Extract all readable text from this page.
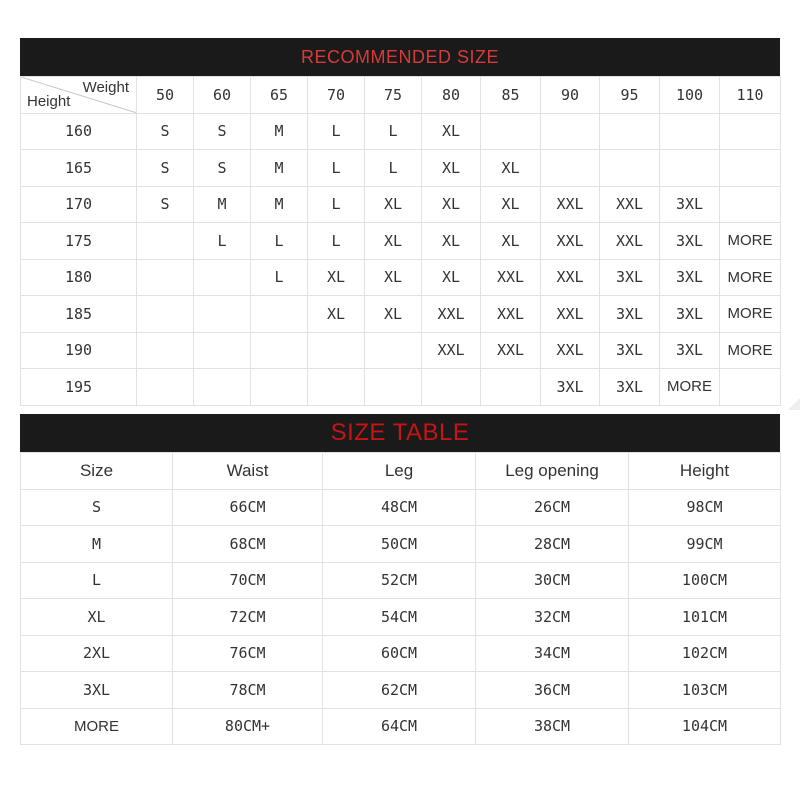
RECOMMENDED SIZE
Weight
Height	50	60	65	70	75	80	85	90	95	100	110
160	S	S	M	L	L	XL					
165	S	S	M	L	L	XL	XL				
170	S	M	M	L	XL	XL	XL	XXL	XXL	3XL	
175		L	L	L	XL	XL	XL	XXL	XXL	3XL	MORE
180			L	XL	XL	XL	XXL	XXL	3XL	3XL	MORE
185				XL	XL	XXL	XXL	XXL	3XL	3XL	MORE
190						XXL	XXL	XXL	3XL	3XL	MORE
195								3XL	3XL	MORE	
SIZE TABLE
Size	Waist	Leg	Leg opening	Height
S	66CM	48CM	26CM	98CM
M	68CM	50CM	28CM	99CM
L	70CM	52CM	30CM	100CM
XL	72CM	54CM	32CM	101CM
2XL	76CM	60CM	34CM	102CM
3XL	78CM	62CM	36CM	103CM
MORE	80CM+	64CM	38CM	104CM
